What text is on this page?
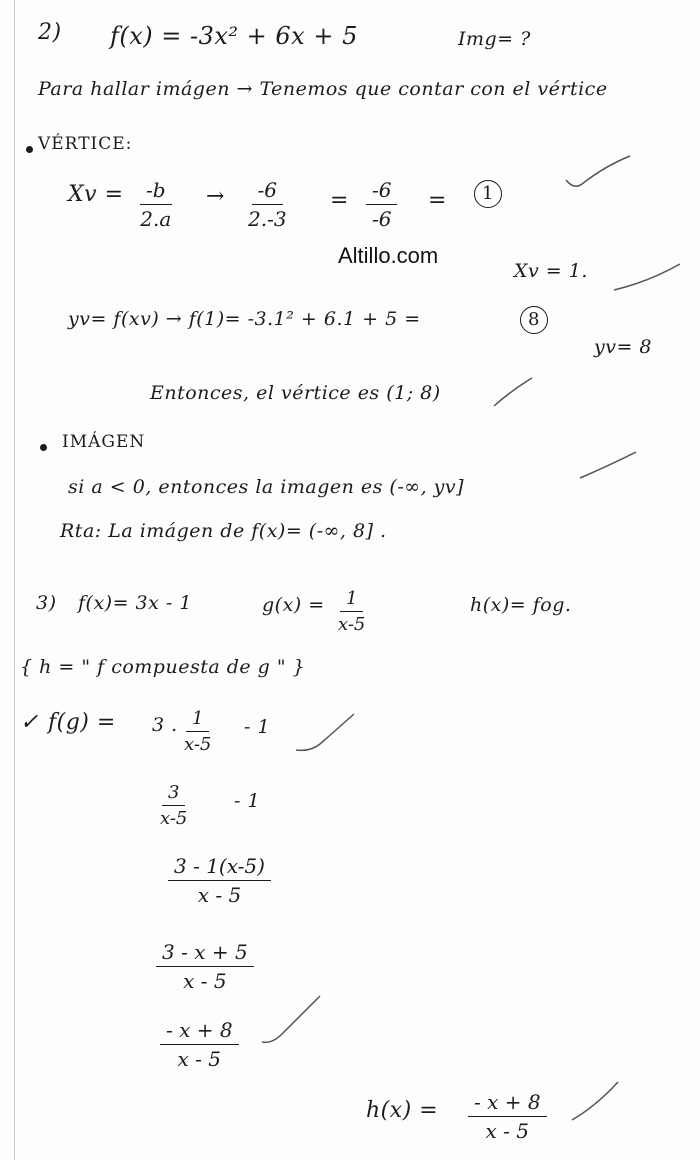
2) f(x) = -3x² + 6x + 5	Img= ?
Para hallar imágen → Tenemos que contar con el vértice
VÉRTICE:
$Xv = \frac{-b}{2.a} \to \frac{-6}{2.-3} = \frac{-6}{-6}$ =	1
Altillo.com
Xv = 1.
yv= f(xv) → f(1)= -3.1² + 6.1 + 5 =	8
yv= 8
Entonces, el vértice es (1; 8)
IMÁGEN
si a < 0, entonces la imagen es (-∞, yv]
Rta: La imágen de f(x)= (-∞, 8] .
3) f(x)= 3x - 1	$g(x) = \frac{1}{x-5}$	h(x)= fog.
{ h = " f compuesta de g " }
✓ f(g) = 3 . $\frac{1}{x-5} - 1$
$\frac{3}{x-5} - 1$
$\frac{3 - 1(x-5)}{x - 5}$
$\frac{3 - x + 5}{x - 5}$
$\frac{- x + 8}{x - 5}$
$h(x) = \frac{- x + 8}{x - 5}$
